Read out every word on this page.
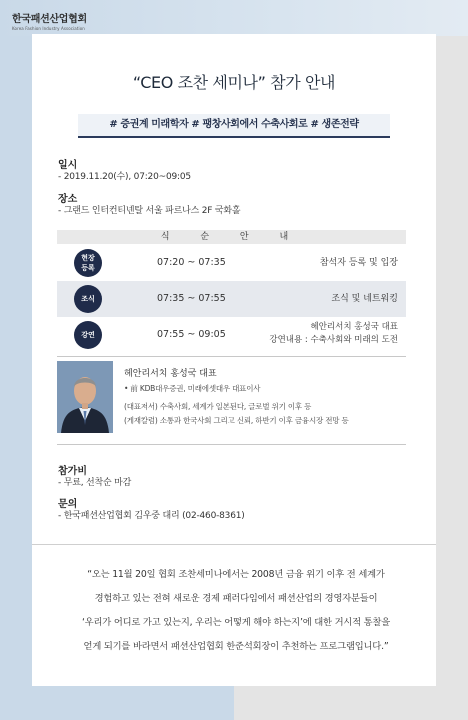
한국패션산업협회
Korea Fashion Industry Association
“CEO 조찬 세미나” 참가 안내
# 증권계 미래학자 # 팽창사회에서 수축사회로 # 생존전략
일시
- 2019.11.20(수), 07:20~09:05
장소
- 그랜드 인터컨티넨탈 서울 파르나스 2F 국화홀
식 순 안 내
현장
등록	07:20 ~ 07:35	참석자 등록 및 입장
조식	07:35 ~ 07:55	조식 및 네트워킹
강연	07:55 ~ 09:05
헤안리서치 홍성국 대표
강연내용 : 수축사회와 미래의 도전
헤안리서치 홍성국 대표
• 前 KDB대우증권, 미래에셋대우 대표이사
(대표저서) 수축사회, 세계가 일본된다, 글로벌 위기 이후 등
(게재칼럼) 소통과 한국사회 그리고 신뢰, 하반기 이후 금융시장 전망 등
참가비
- 무료, 선착순 마감
문의
- 한국패션산업협회 김우중 대리 (02-460-8361)
“오는 11월 20일 협회 조찬세미나에서는 2008년 금융 위기 이후 전 세계가
경험하고 있는 전혀 새로운 경제 패러다임에서 패션산업의 경영자분들이
‘우리가 어디로 가고 있는지, 우리는 어떻게 해야 하는지’에 대한 거시적 통찰을
얻게 되기를 바라면서 패션산업협회 한준석회장이 추천하는 프로그램입니다.”
